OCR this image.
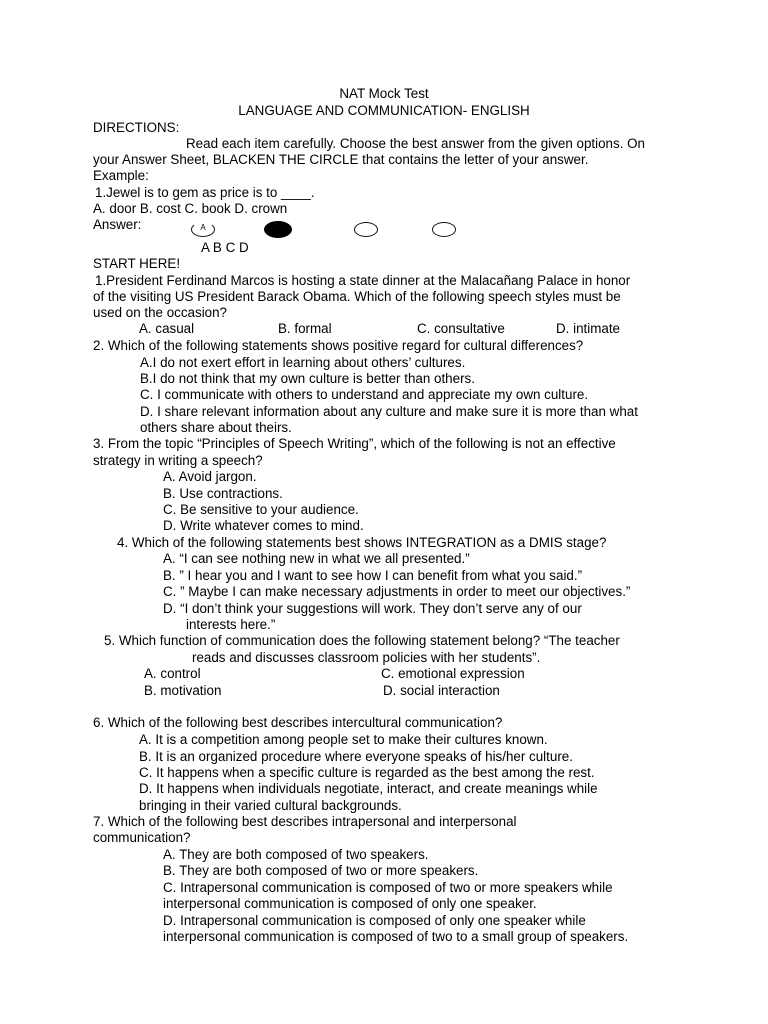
NAT Mock Test
LANGUAGE AND COMMUNICATION- ENGLISH
DIRECTIONS:
Read each item carefully. Choose the best answer from the given options. On
your Answer Sheet, BLACKEN THE CIRCLE that contains the letter of your answer.
Example:
1.Jewel is to gem as price is to ____.
A. door B. cost C. book D. crown
Answer:	A
A B C D
START HERE!
1.President Ferdinand Marcos is hosting a state dinner at the Malacañang Palace in honor
of the visiting US President Barack Obama. Which of the following speech styles must be
used on the occasion?
A. casual	B. formal	C. consultative	D. intimate
2. Which of the following statements shows positive regard for cultural differences?
A.I do not exert effort in learning about others’ cultures.
B.I do not think that my own culture is better than others.
C. I communicate with others to understand and appreciate my own culture.
D. I share relevant information about any culture and make sure it is more than what
others share about theirs.
3. From the topic “Principles of Speech Writing”, which of the following is not an effective
strategy in writing a speech?
A. Avoid jargon.
B. Use contractions.
C. Be sensitive to your audience.
D. Write whatever comes to mind.
4. Which of the following statements best shows INTEGRATION as a DMIS stage?
A. “I can see nothing new in what we all presented.”
B. ” I hear you and I want to see how I can benefit from what you said.”
C. ” Maybe I can make necessary adjustments in order to meet our objectives.”
D. “I don’t think your suggestions will work. They don’t serve any of our
interests here.”
5. Which function of communication does the following statement belong? “The teacher
reads and discusses classroom policies with her students”.
A. control	C. emotional expression
B. motivation	D. social interaction
6. Which of the following best describes intercultural communication?
A. It is a competition among people set to make their cultures known.
B. It is an organized procedure where everyone speaks of his/her culture.
C. It happens when a specific culture is regarded as the best among the rest.
D. It happens when individuals negotiate, interact, and create meanings while
bringing in their varied cultural backgrounds.
7. Which of the following best describes intrapersonal and interpersonal
communication?
A. They are both composed of two speakers.
B. They are both composed of two or more speakers.
C. Intrapersonal communication is composed of two or more speakers while
interpersonal communication is composed of only one speaker.
D. Intrapersonal communication is composed of only one speaker while
interpersonal communication is composed of two to a small group of speakers.
